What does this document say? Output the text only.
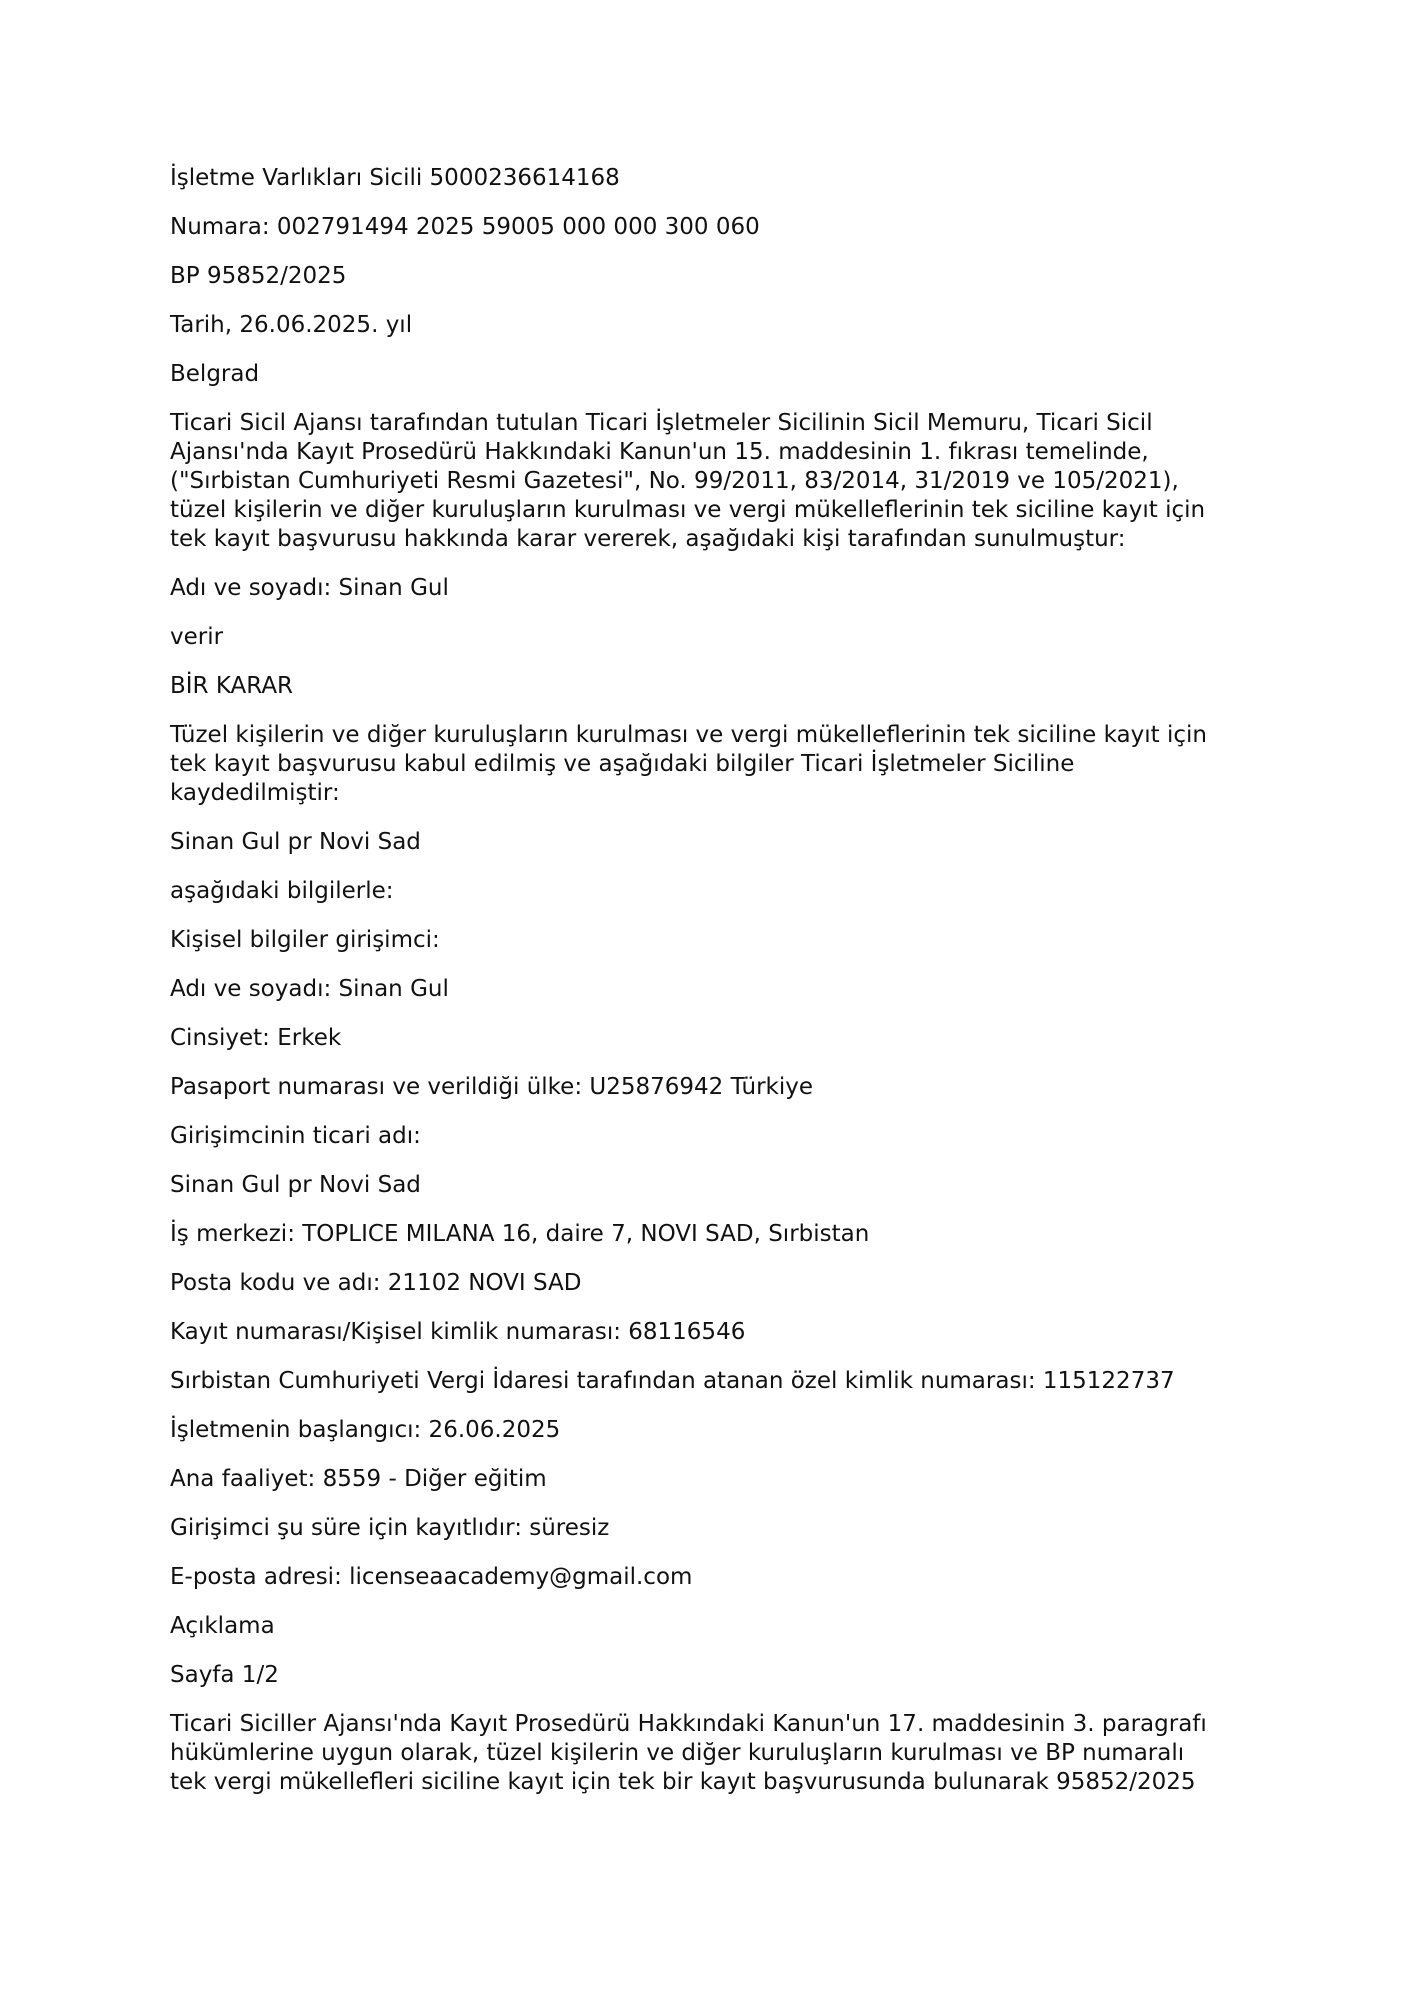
İşletme Varlıkları Sicili 5000236614168
Numara: 002791494 2025 59005 000 000 300 060
BP 95852/2025
Tarih, 26.06.2025. yıl
Belgrad
Ticari Sicil Ajansı tarafından tutulan Ticari İşletmeler Sicilinin Sicil Memuru, Ticari Sicil
Ajansı'nda Kayıt Prosedürü Hakkındaki Kanun'un 15. maddesinin 1. fıkrası temelinde,
("Sırbistan Cumhuriyeti Resmi Gazetesi", No. 99/2011, 83/2014, 31/2019 ve 105/2021),
tüzel kişilerin ve diğer kuruluşların kurulması ve vergi mükelleflerinin tek siciline kayıt için
tek kayıt başvurusu hakkında karar vererek, aşağıdaki kişi tarafından sunulmuştur:
Adı ve soyadı: Sinan Gul
verir
BİR KARAR
Tüzel kişilerin ve diğer kuruluşların kurulması ve vergi mükelleflerinin tek siciline kayıt için
tek kayıt başvurusu kabul edilmiş ve aşağıdaki bilgiler Ticari İşletmeler Siciline
kaydedilmiştir:
Sinan Gul pr Novi Sad
aşağıdaki bilgilerle:
Kişisel bilgiler girişimci:
Adı ve soyadı: Sinan Gul
Cinsiyet: Erkek
Pasaport numarası ve verildiği ülke: U25876942 Türkiye
Girişimcinin ticari adı:
Sinan Gul pr Novi Sad
İş merkezi: TOPLICE MILANA 16, daire 7, NOVI SAD, Sırbistan
Posta kodu ve adı: 21102 NOVI SAD
Kayıt numarası/Kişisel kimlik numarası: 68116546
Sırbistan Cumhuriyeti Vergi İdaresi tarafından atanan özel kimlik numarası: 115122737
İşletmenin başlangıcı: 26.06.2025
Ana faaliyet: 8559 - Diğer eğitim
Girişimci şu süre için kayıtlıdır: süresiz
E-posta adresi: licenseaacademy@gmail.com
Açıklama
Sayfa 1/2
Ticari Siciller Ajansı'nda Kayıt Prosedürü Hakkındaki Kanun'un 17. maddesinin 3. paragrafı
hükümlerine uygun olarak, tüzel kişilerin ve diğer kuruluşların kurulması ve BP numaralı
tek vergi mükellefleri siciline kayıt için tek bir kayıt başvurusunda bulunarak 95852/2025
